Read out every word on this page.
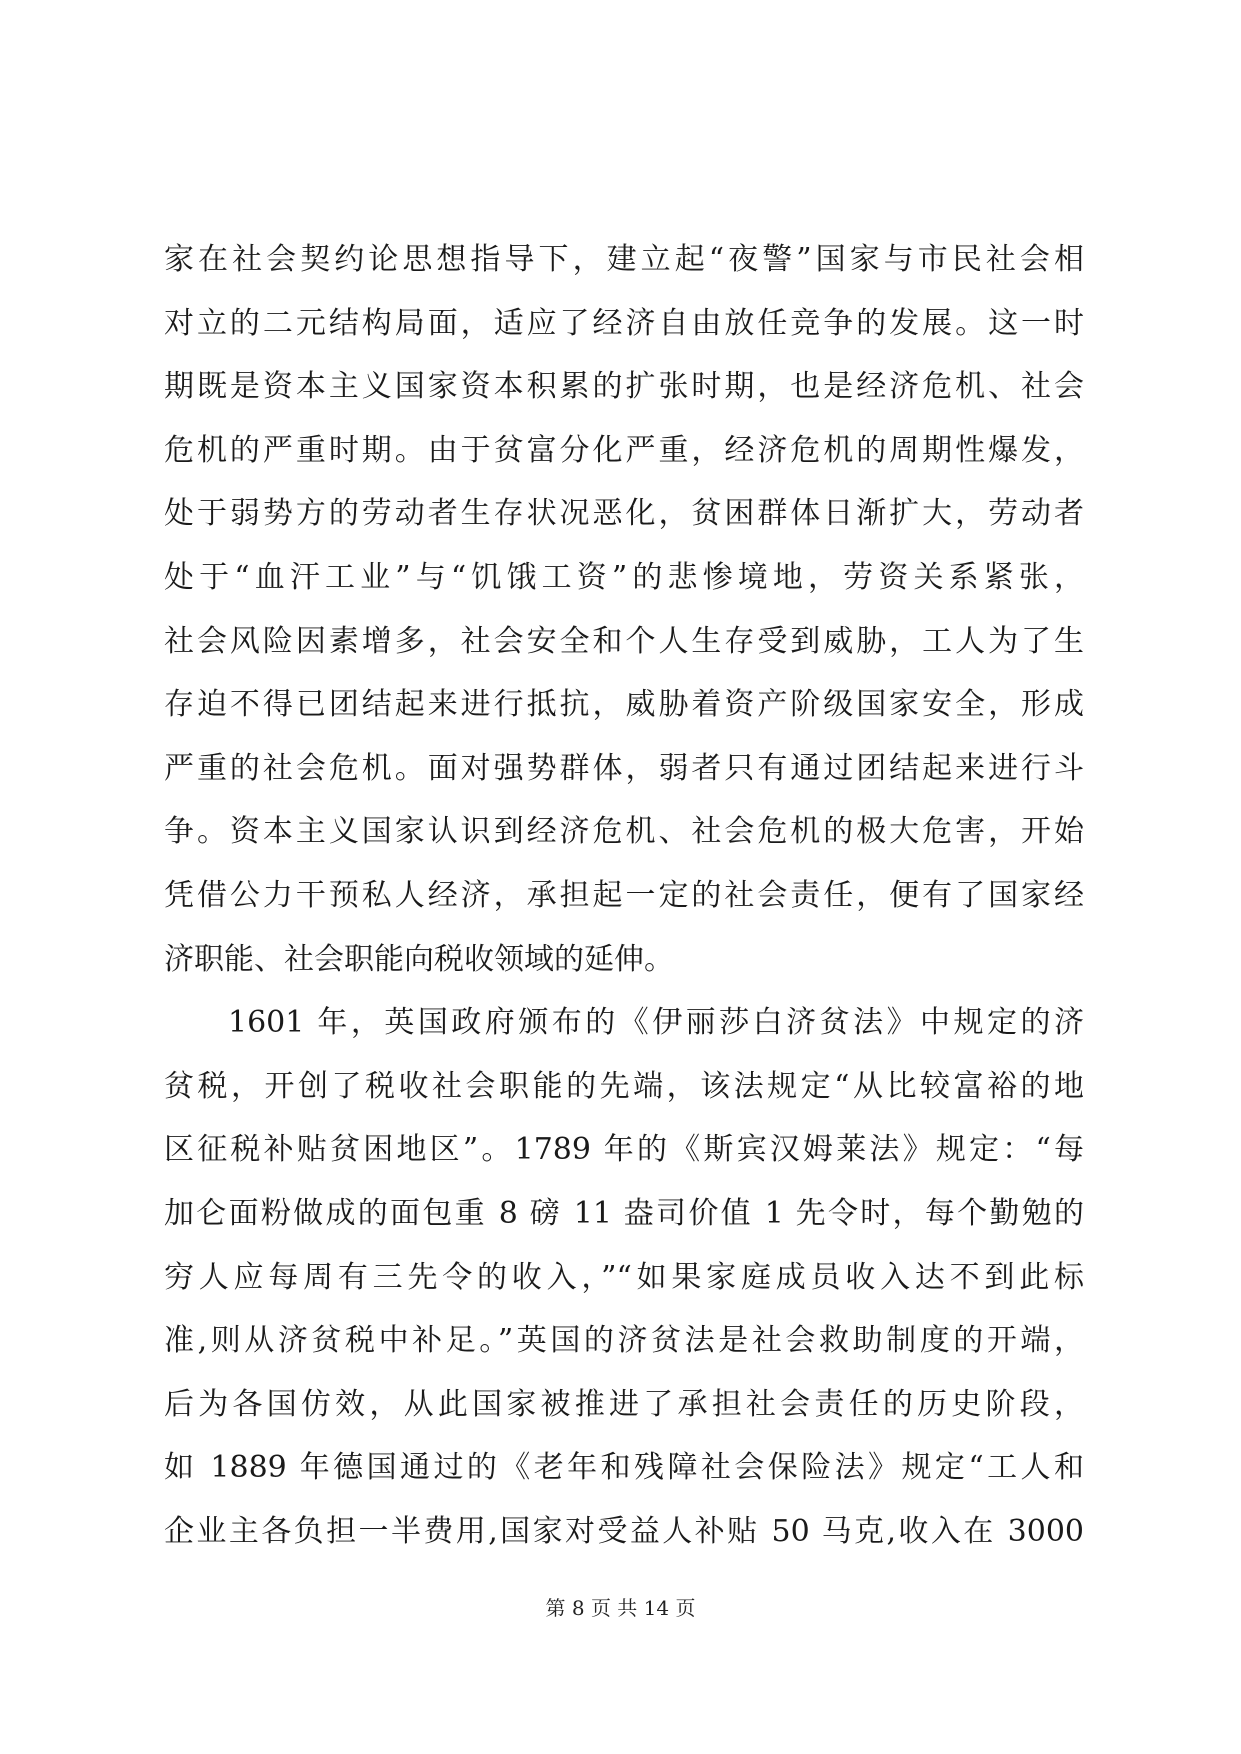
家在社会契约论思想指导下，建立起“夜警”国家与市民社会相
对立的二元结构局面，适应了经济自由放任竞争的发展。这一时
期既是资本主义国家资本积累的扩张时期，也是经济危机、社会
危机的严重时期。由于贫富分化严重，经济危机的周期性爆发，
处于弱势方的劳动者生存状况恶化，贫困群体日渐扩大，劳动者
处于“血汗工业”与“饥饿工资”的悲惨境地，劳资关系紧张，
社会风险因素增多，社会安全和个人生存受到威胁，工人为了生
存迫不得已团结起来进行抵抗，威胁着资产阶级国家安全，形成
严重的社会危机。面对强势群体，弱者只有通过团结起来进行斗
争。资本主义国家认识到经济危机、社会危机的极大危害，开始
凭借公力干预私人经济，承担起一定的社会责任，便有了国家经
济职能、社会职能向税收领域的延伸。
1601 年，英国政府颁布的《伊丽莎白济贫法》中规定的济
贫税，开创了税收社会职能的先端，该法规定“从比较富裕的地
区征税补贴贫困地区”。1789 年的《斯宾汉姆莱法》规定：“每
加仑面粉做成的面包重 8 磅 11 盎司价值 1 先令时，每个勤勉的
穷人应每周有三先令的收入，”“如果家庭成员收入达不到此标
准,则从济贫税中补足。”英国的济贫法是社会救助制度的开端，
后为各国仿效，从此国家被推进了承担社会责任的历史阶段，
如 1889 年德国通过的《老年和残障社会保险法》规定“工人和
企业主各负担一半费用,国家对受益人补贴 50 马克,收入在 3000
第 8 页 共 14 页
